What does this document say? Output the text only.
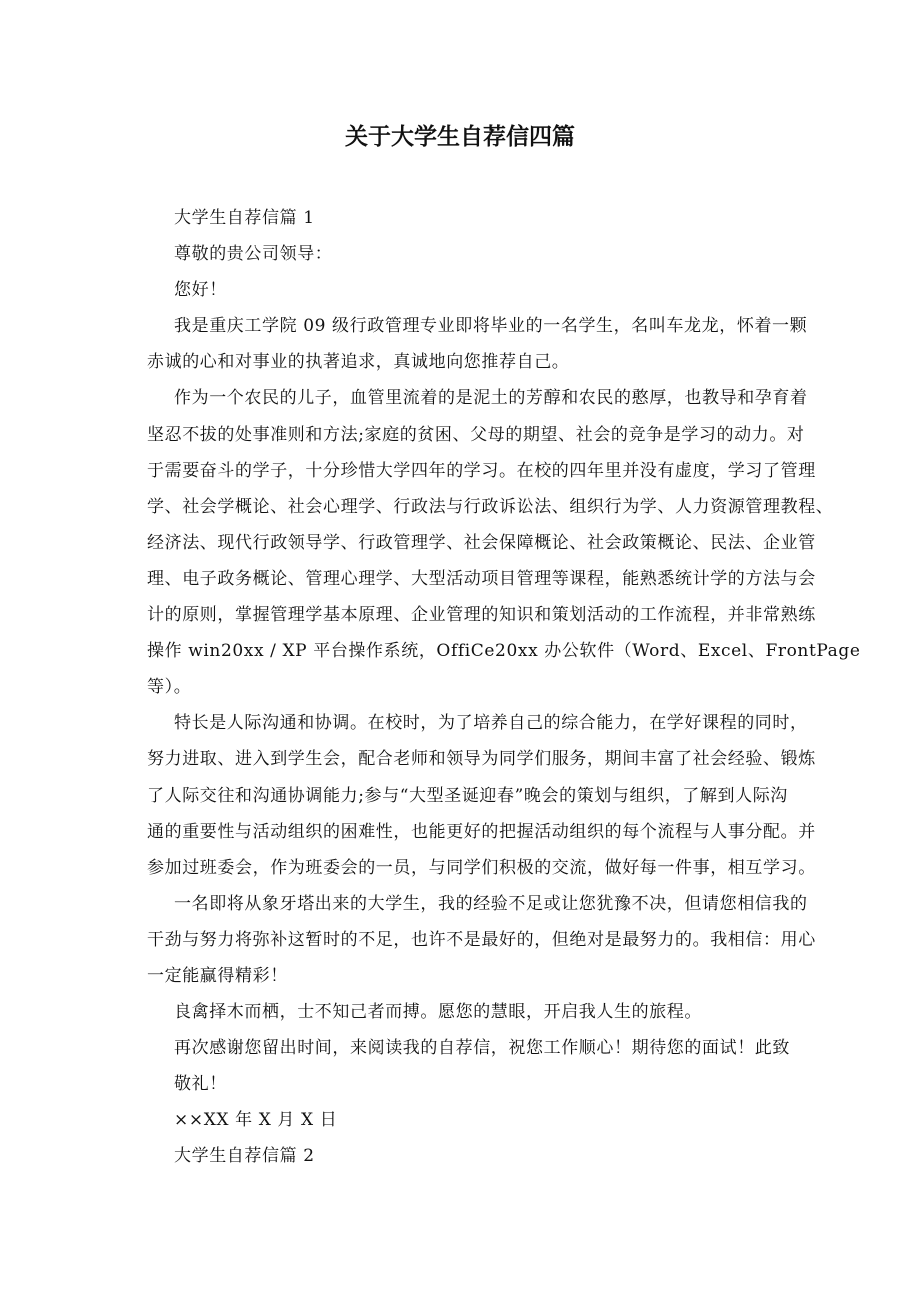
关于大学生自荐信四篇
大学生自荐信篇 1
尊敬的贵公司领导：
您好！
我是重庆工学院 09 级行政管理专业即将毕业的一名学生，名叫车龙龙，怀着一颗
赤诚的心和对事业的执著追求，真诚地向您推荐自己。
作为一个农民的儿子，血管里流着的是泥土的芳醇和农民的憨厚，也教导和孕育着
坚忍不拔的处事准则和方法;家庭的贫困、父母的期望、社会的竞争是学习的动力。对
于需要奋斗的学子，十分珍惜大学四年的学习。在校的四年里并没有虚度，学习了管理
学、社会学概论、社会心理学、行政法与行政诉讼法、组织行为学、人力资源管理教程、
经济法、现代行政领导学、行政管理学、社会保障概论、社会政策概论、民法、企业管
理、电子政务概论、管理心理学、大型活动项目管理等课程，能熟悉统计学的方法与会
计的原则，掌握管理学基本原理、企业管理的知识和策划活动的工作流程，并非常熟练
操作 win20xx / XP 平台操作系统，OffiCe20xx 办公软件（Word、Excel、FrontPage
等）。
特长是人际沟通和协调。在校时，为了培养自己的综合能力，在学好课程的同时，
努力进取、进入到学生会，配合老师和领导为同学们服务，期间丰富了社会经验、锻炼
了人际交往和沟通协调能力;参与“大型圣诞迎春”晚会的策划与组织，了解到人际沟
通的重要性与活动组织的困难性，也能更好的把握活动组织的每个流程与人事分配。并
参加过班委会，作为班委会的一员，与同学们积极的交流，做好每一件事，相互学习。
一名即将从象牙塔出来的大学生，我的经验不足或让您犹豫不决，但请您相信我的
干劲与努力将弥补这暂时的不足，也许不是最好的，但绝对是最努力的。我相信：用心
一定能赢得精彩！
良禽择木而栖，士不知己者而搏。愿您的慧眼，开启我人生的旅程。
再次感谢您留出时间，来阅读我的自荐信，祝您工作顺心！期待您的面试！此致
敬礼！
××XX 年 X 月 X 日
大学生自荐信篇 2
